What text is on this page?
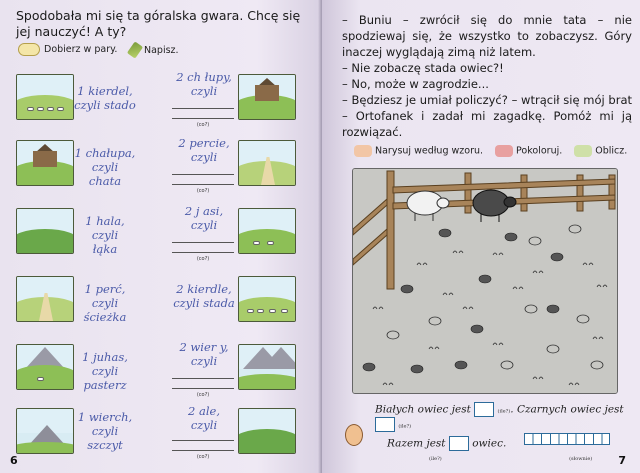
Spodobała mi się ta góralska gwara. Chcę się jej nauczyć! A ty?
Dobierz w pary.	Napisz.
1 kierdel,
czyli stado
2 ch łupy,
czyli
(co?)
1 chałupa,
czyli
chata
2 percie,
czyli
(co?)
1 hala,
czyli
łąka
2 j asi,
czyli
(co?)
1 perć,
czyli
ścieżka
2 kierdle,
czyli stada
1 juhas,
czyli
pasterz
2 wier y,
czyli
(co?)
1 wierch,
czyli
szczyt
2 ale,
czyli
(co?)
6

– Buniu – zwrócił się do mnie tata – nie spodziewaj się, że wszystko to zobaczysz. Góry inaczej wyglądają zimą niż latem.

– Nie zobaczę stada owiec?!

– No, może w zagrodzie...

– Będziesz je umiał policzyć? – wtrącił się mój brat – Ortofanek i zadał mi zagadkę. Pomóż mi ją rozwiązać.

Narysuj według wzoru.	Pokoloruj.	Oblicz.
Białych owiec jest	(ile?). Czarnych owiec jest  (ile?)
Razem jest	owiec.
(ile?)	(słownie)	7
